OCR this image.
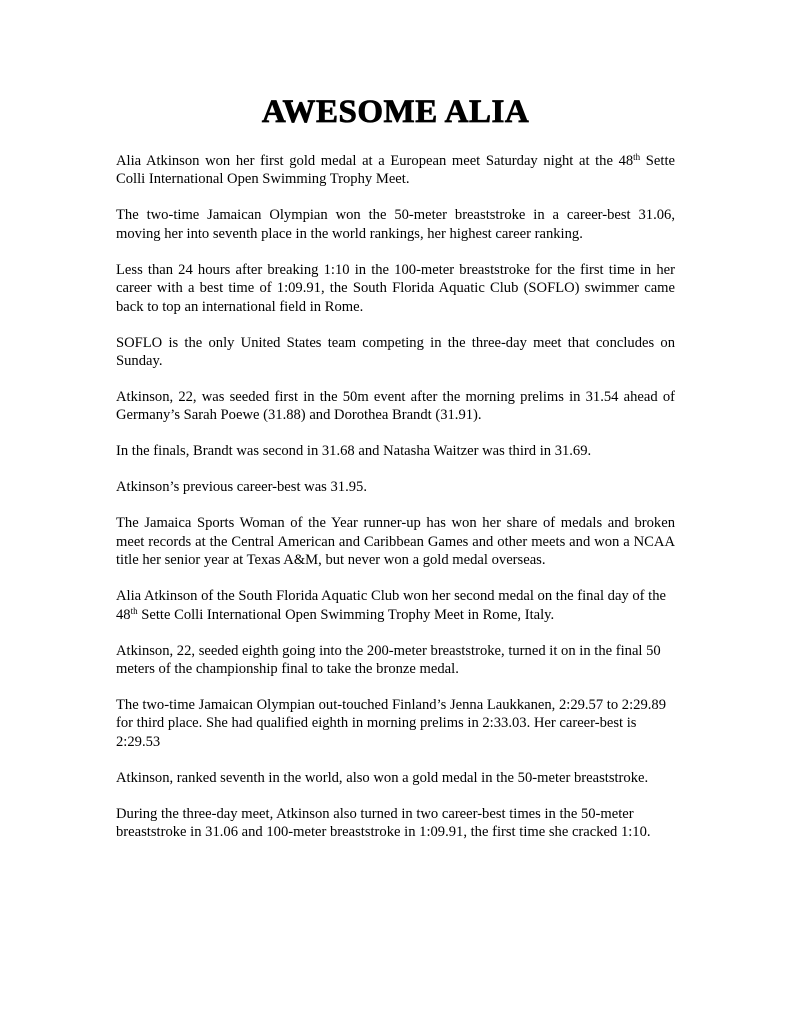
AWESOME ALIA

Alia Atkinson won her first gold medal at a European meet Saturday night at the 48th Sette Colli International Open Swimming Trophy Meet.

The two-time Jamaican Olympian won the 50-meter breaststroke in a career-best 31.06, moving her into seventh place in the world rankings, her highest career ranking.

Less than 24 hours after breaking 1:10 in the 100-meter breaststroke for the first time in her career with a best time of 1:09.91, the South Florida Aquatic Club (SOFLO) swimmer came back to top an international field in Rome.

SOFLO is the only United States team competing in the three-day meet that concludes on Sunday.

Atkinson, 22, was seeded first in the 50m event after the morning prelims in 31.54 ahead of Germany’s Sarah Poewe (31.88) and Dorothea Brandt (31.91).

In the finals, Brandt was second in 31.68 and Natasha Waitzer was third in 31.69.

Atkinson’s previous career-best was 31.95.

The Jamaica Sports Woman of the Year runner-up has won her share of medals and broken meet records at the Central American and Caribbean Games and other meets and won a NCAA title her senior year at Texas A&M, but never won a gold medal overseas.

Alia Atkinson of the South Florida Aquatic Club won her second medal on the final day of the 48th Sette Colli International Open Swimming Trophy Meet in Rome, Italy.

Atkinson, 22, seeded eighth going into the 200-meter breaststroke, turned it on in the final 50 meters of the championship final to take the bronze medal.

The two-time Jamaican Olympian out-touched Finland’s Jenna Laukkanen, 2:29.57 to 2:29.89 for third place. She had qualified eighth in morning prelims in 2:33.03. Her career-best is 2:29.53

Atkinson, ranked seventh in the world, also won a gold medal in the 50-meter breaststroke.

During the three-day meet, Atkinson also turned in two career-best times in the 50-meter breaststroke in 31.06 and 100-meter breaststroke in 1:09.91, the first time she cracked 1:10.
